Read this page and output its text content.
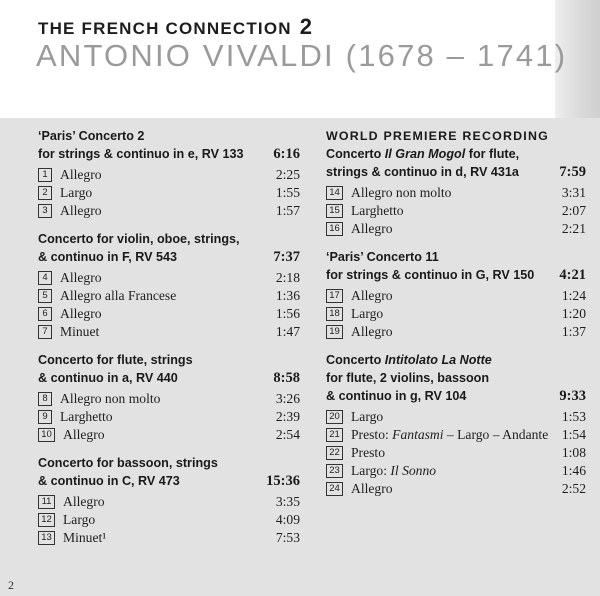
THE FRENCH CONNECTION 2
ANTONIO VIVALDI (1678 – 1741)
‘Paris’ Concerto 2
for strings & continuo in e, RV 133	6:16
1 Allegro	2:25
2 Largo	1:55
3 Allegro	1:57
Concerto for violin, oboe, strings,
& continuo in F, RV 543	7:37
4 Allegro	2:18
5 Allegro alla Francese	1:36
6 Allegro	1:56
7 Minuet	1:47
Concerto for flute, strings
& continuo in a, RV 440	8:58
8 Allegro non molto	3:26
9 Larghetto	2:39
10 Allegro	2:54
Concerto for bassoon, strings
& continuo in C, RV 473	15:36
11 Allegro	3:35
12 Largo	4:09
13 Minuet¹	7:53
WORLD PREMIERE RECORDING
Concerto Il Gran Mogol for flute,
strings & continuo in d, RV 431a	7:59
14 Allegro non molto	3:31
15 Larghetto	2:07
16 Allegro	2:21
‘Paris’ Concerto 11
for strings & continuo in G, RV 150	4:21
17 Allegro	1:24
18 Largo	1:20
19 Allegro	1:37
Concerto Intitolato La Notte
for flute, 2 violins, bassoon
& continuo in g, RV 104	9:33
20 Largo	1:53
21 Presto: Fantasmi – Largo – Andante 1:54
22 Presto	1:08
23 Largo: Il Sonno	1:46
24 Allegro	2:52
2
